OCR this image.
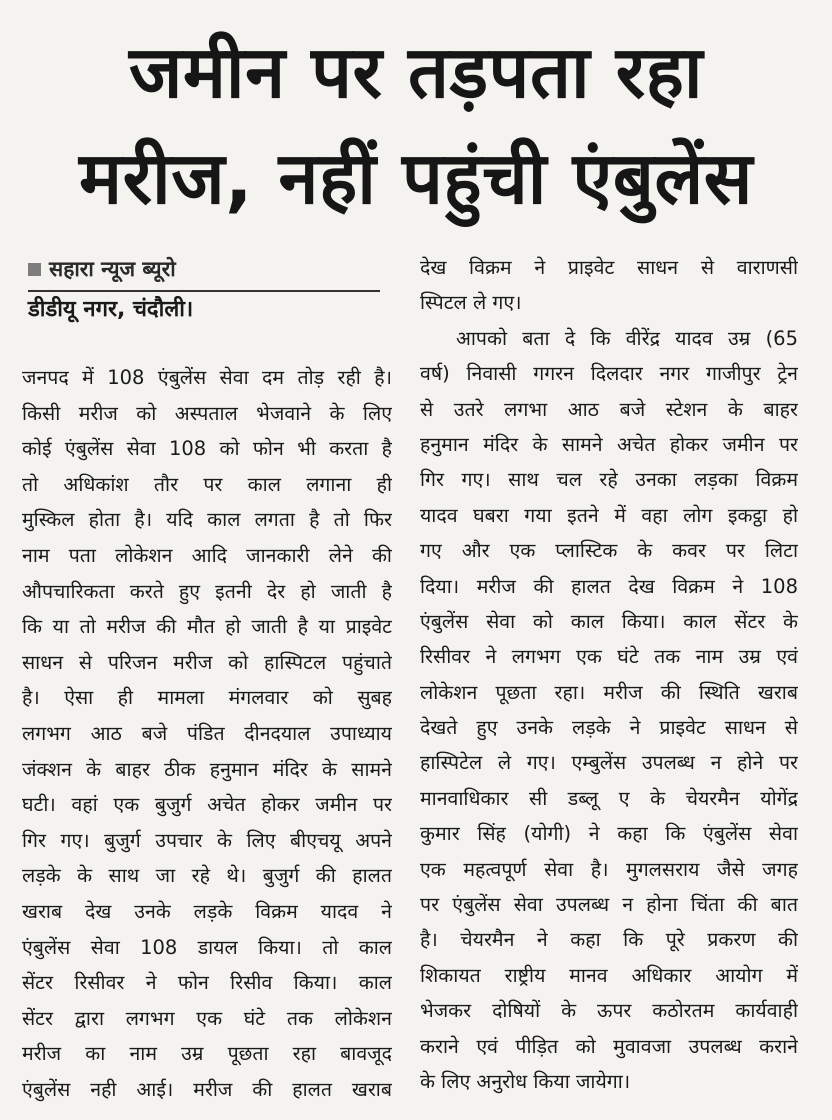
जमीन पर तड़पता रहा
मरीज, नहीं पहुंची एंबुलेंस
सहारा न्यूज ब्यूरो
डीडीयू नगर, चंदौली।
जनपद में 108 एंबुलेंस सेवा दम तोड़ रही है।
किसी मरीज को अस्पताल भेजवाने के लिए
कोई एंबुलेंस सेवा 108 को फोन भी करता है
तो अधिकांश तौर पर काल लगाना ही
मुस्किल होता है। यदि काल लगता है तो फिर
नाम पता लोकेशन आदि जानकारी लेने की
औपचारिकता करते हुए इतनी देर हो जाती है
कि या तो मरीज की मौत हो जाती है या प्राइवेट
साधन से परिजन मरीज को हास्पिटल पहुंचाते
है। ऐसा ही मामला मंगलवार को सुबह
लगभग आठ बजे पंडित दीनदयाल उपाध्याय
जंक्शन के बाहर ठीक हनुमान मंदिर के सामने
घटी। वहां एक बुजुर्ग अचेत होकर जमीन पर
गिर गए। बुजुर्ग उपचार के लिए बीएचयू अपने
लड़के के साथ जा रहे थे। बुजुर्ग की हालत
खराब देख उनके लड़के विक्रम यादव ने
एंबुलेंस सेवा 108 डायल किया। तो काल
सेंटर रिसीवर ने फोन रिसीव किया। काल
सेंटर द्वारा लगभग एक घंटे तक लोकेशन
मरीज का नाम उम्र पूछता रहा बावजूद
एंबुलेंस नही आई। मरीज की हालत खराब
देख विक्रम ने प्राइवेट साधन से वाराणसी
स्पिटल ले गए।
आपको बता दे कि वीरेंद्र यादव उम्र (65
वर्ष) निवासी गगरन दिलदार नगर गाजीपुर ट्रेन
से उतरे लगभा आठ बजे स्टेशन के बाहर
हनुमान मंदिर के सामने अचेत होकर जमीन पर
गिर गए। साथ चल रहे उनका लड़का विक्रम
यादव घबरा गया इतने में वहा लोग इकट्ठा हो
गए और एक प्लास्टिक के कवर पर लिटा
दिया। मरीज की हालत देख विक्रम ने 108
एंबुलेंस सेवा को काल किया। काल सेंटर के
रिसीवर ने लगभग एक घंटे तक नाम उम्र एवं
लोकेशन पूछता रहा। मरीज की स्थिति खराब
देखते हुए उनके लड़के ने प्राइवेट साधन से
हास्पिटेल ले गए। एम्बुलेंस उपलब्ध न होने पर
मानवाधिकार सी डब्लू ए के चेयरमैन योगेंद्र
कुमार सिंह (योगी) ने कहा कि एंबुलेंस सेवा
एक महत्वपूर्ण सेवा है। मुगलसराय जैसे जगह
पर एंबुलेंस सेवा उपलब्ध न होना चिंता की बात
है। चेयरमैन ने कहा कि पूरे प्रकरण की
शिकायत राष्ट्रीय मानव अधिकार आयोग में
भेजकर दोषियों के ऊपर कठोरतम कार्यवाही
कराने एवं पीड़ित को मुवावजा उपलब्ध कराने
के लिए अनुरोध किया जायेगा।
